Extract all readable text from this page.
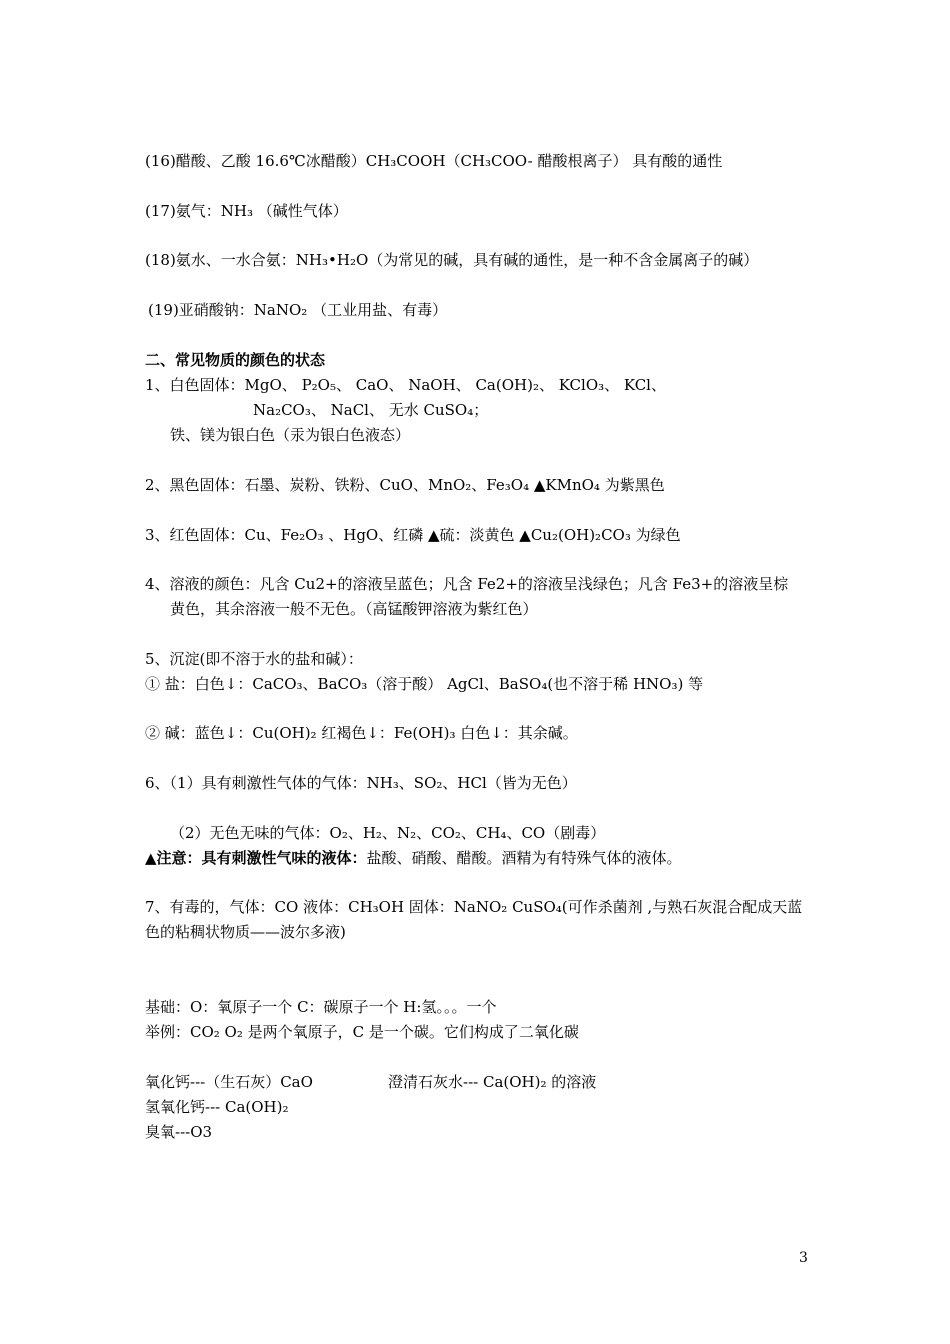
(16)醋酸、乙酸 16.6℃冰醋酸）CH₃COOH（CH₃COO- 醋酸根离子） 具有酸的通性
(17)氨气：NH₃ （碱性气体）
(18)氨水、一水合氨：NH₃•H₂O（为常见的碱，具有碱的通性，是一种不含金属离子的碱）
(19)亚硝酸钠：NaNO₂ （工业用盐、有毒）
二、常见物质的颜色的状态
1、白色固体：MgO、 P₂O₅、 CaO、 NaOH、 Ca(OH)₂、 KClO₃、 KCl、
Na₂CO₃、 NaCl、 无水 CuSO₄；
铁、镁为银白色（汞为银白色液态）
2、黑色固体：石墨、炭粉、铁粉、CuO、MnO₂、Fe₃O₄ ▲KMnO₄ 为紫黑色
3、红色固体：Cu、Fe₂O₃ 、HgO、红磷 ▲硫：淡黄色 ▲Cu₂(OH)₂CO₃ 为绿色
4、溶液的颜色：凡含 Cu2+的溶液呈蓝色；凡含 Fe2+的溶液呈浅绿色；凡含 Fe3+的溶液呈棕
黄色，其余溶液一般不无色。（高锰酸钾溶液为紫红色）
5、沉淀(即不溶于水的盐和碱）：
① 盐：白色↓：CaCO₃、BaCO₃（溶于酸） AgCl、BaSO₄(也不溶于稀 HNO₃) 等
② 碱：蓝色↓：Cu(OH)₂ 红褐色↓：Fe(OH)₃ 白色↓：其余碱。
6、（1）具有刺激性气体的气体：NH₃、SO₂、HCl（皆为无色）
（2）无色无味的气体：O₂、H₂、N₂、CO₂、CH₄、CO（剧毒）
▲注意：具有刺激性气味的液体：盐酸、硝酸、醋酸。酒精为有特殊气体的液体。
7、有毒的，气体：CO 液体：CH₃OH 固体：NaNO₂ CuSO₄(可作杀菌剂 ,与熟石灰混合配成天蓝
色的粘稠状物质——波尔多液)
基础：O：氧原子一个 C：碳原子一个 H:氢。。。一个
举例：CO₂ O₂ 是两个氧原子，C 是一个碳。它们构成了二氧化碳
氧化钙---（生石灰）CaO	澄清石灰水--- Ca(OH)₂ 的溶液
氢氧化钙--- Ca(OH)₂
臭氧---O3
3
